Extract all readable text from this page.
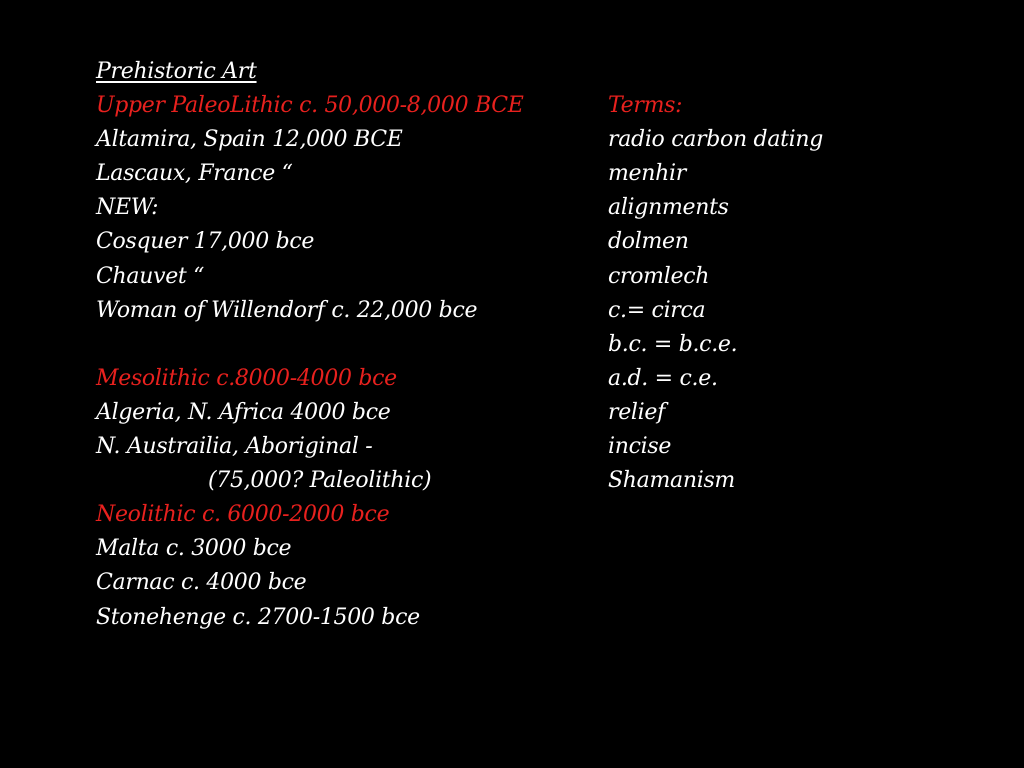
Prehistoric Art
Upper PaleoLithic c. 50,000-8,000 BCE
Altamira, Spain 12,000 BCE
Lascaux, France “
NEW:
Cosquer 17,000 bce
Chauvet “
Woman of Willendorf c. 22,000 bce
Mesolithic c.8000-4000 bce
Algeria, N. Africa 4000 bce
N. Austrailia, Aboriginal -
(75,000? Paleolithic)
Neolithic c. 6000-2000 bce
Malta c. 3000 bce
Carnac c. 4000 bce
Stonehenge c. 2700-1500 bce
Terms:
radio carbon dating
menhir
alignments
dolmen
cromlech
c.= circa
b.c. = b.c.e.
a.d. = c.e.
relief
incise
Shamanism
